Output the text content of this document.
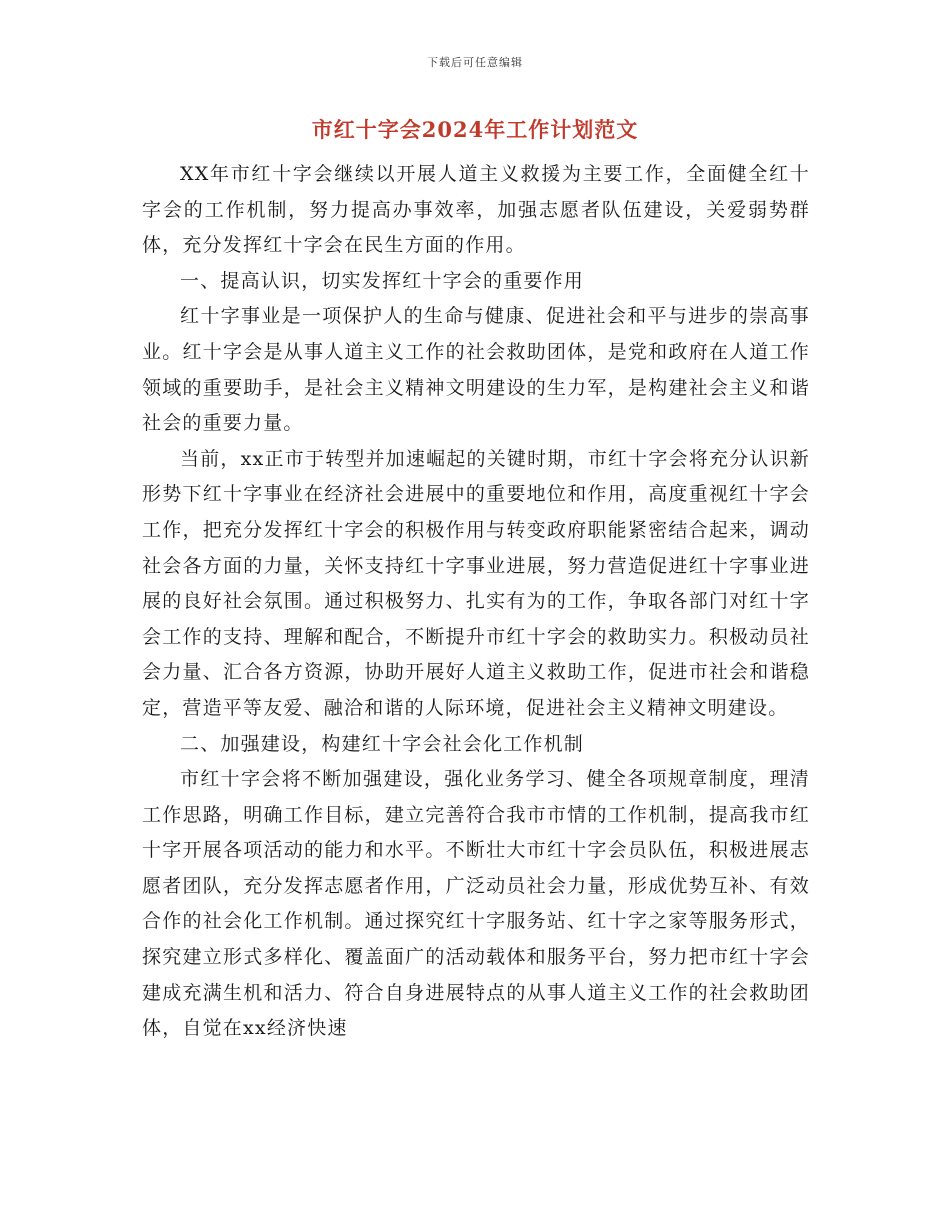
下载后可任意编辑
市红十字会2024年工作计划范文

XX年市红十字会继续以开展人道主义救援为主要工作，全面健全红十字会的工作机制，努力提高办事效率，加强志愿者队伍建设，关爱弱势群体，充分发挥红十字会在民生方面的作用。

一、提高认识，切实发挥红十字会的重要作用

红十字事业是一项保护人的生命与健康、促进社会和平与进步的崇高事业。红十字会是从事人道主义工作的社会救助团体，是党和政府在人道工作领域的重要助手，是社会主义精神文明建设的生力军，是构建社会主义和谐社会的重要力量。

当前，xx正市于转型并加速崛起的关键时期，市红十字会将充分认识新形势下红十字事业在经济社会进展中的重要地位和作用，高度重视红十字会工作，把充分发挥红十字会的积极作用与转变政府职能紧密结合起来，调动社会各方面的力量，关怀支持红十字事业进展，努力营造促进红十字事业进展的良好社会氛围。通过积极努力、扎实有为的工作，争取各部门对红十字会工作的支持、理解和配合，不断提升市红十字会的救助实力。积极动员社会力量、汇合各方资源，协助开展好人道主义救助工作，促进市社会和谐稳定，营造平等友爱、融洽和谐的人际环境，促进社会主义精神文明建设。

二、加强建设，构建红十字会社会化工作机制

市红十字会将不断加强建设，强化业务学习、健全各项规章制度，理清工作思路，明确工作目标，建立完善符合我市市情的工作机制，提高我市红十字开展各项活动的能力和水平。不断壮大市红十字会员队伍，积极进展志愿者团队，充分发挥志愿者作用，广泛动员社会力量，形成优势互补、有效合作的社会化工作机制。通过探究红十字服务站、红十字之家等服务形式，探究建立形式多样化、覆盖面广的活动载体和服务平台，努力把市红十字会建成充满生机和活力、符合自身进展特点的从事人道主义工作的社会救助团体，自觉在xx经济快速
